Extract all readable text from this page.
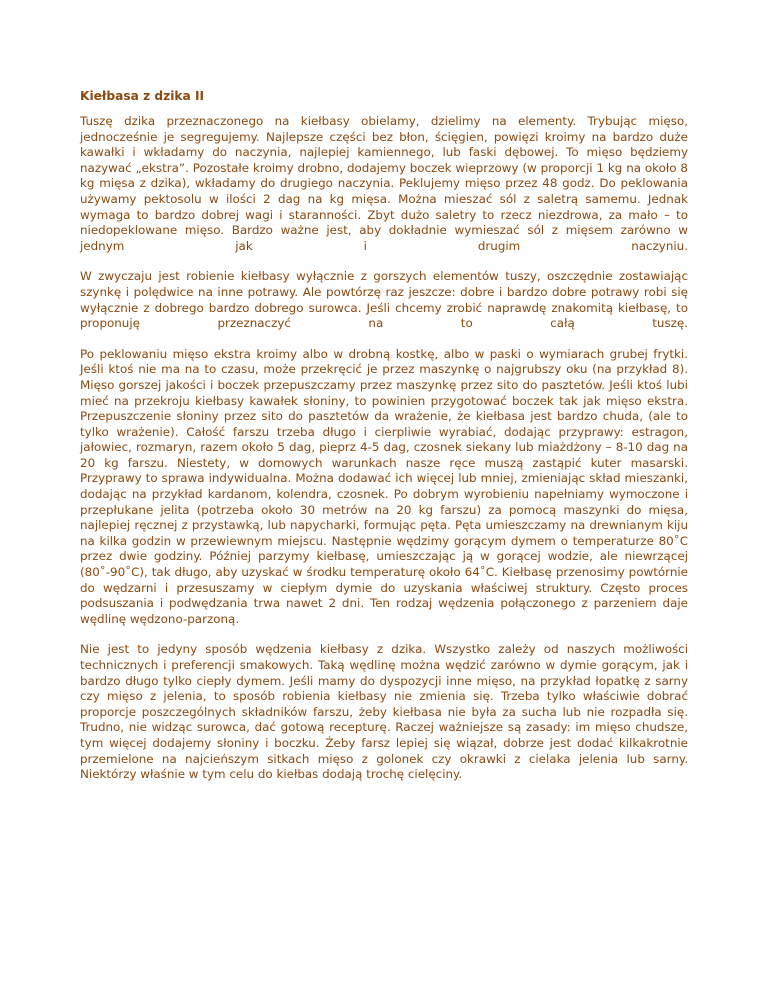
Kiełbasa z dzika II

Tuszę dzika przeznaczonego na kiełbasy obielamy, dzielimy na elementy. Trybując mięso, jednocześnie je segregujemy. Najlepsze części bez błon, ścięgien, powięzi kroimy na bardzo duże kawałki i wkładamy do naczynia, najlepiej kamiennego, lub faski dębowej. To mięso będziemy nazywać „ekstra”. Pozostałe kroimy drobno, dodajemy boczek wieprzowy (w proporcji 1 kg na około 8 kg mięsa z dzika), wkładamy do drugiego naczynia. Peklujemy mięso przez 48 godz. Do peklowania używamy pektosolu w ilości 2 dag na kg mięsa. Można mieszać sól z saletrą samemu. Jednak wymaga to bardzo dobrej wagi i staranności. Zbyt dużo saletry to rzecz niezdrowa, za mało – to niedopeklowane mięso. Bardzo ważne jest, aby dokładnie wymieszać sól z mięsem zarówno w jednym jak i drugim naczyniu.

W zwyczaju jest robienie kiełbasy wyłącznie z gorszych elementów tuszy, oszczędnie zostawiając szynkę i polędwice na inne potrawy. Ale powtórzę raz jeszcze: dobre i bardzo dobre potrawy robi się wyłącznie z dobrego bardzo dobrego surowca. Jeśli chcemy zrobić naprawdę znakomitą kiełbasę, to proponuję przeznaczyć na to całą tuszę.

Po peklowaniu mięso ekstra kroimy albo w drobną kostkę, albo w paski o wymiarach grubej frytki. Jeśli ktoś nie ma na to czasu, może przekręcić je przez maszynkę o najgrubszy oku (na przykład 8). Mięso gorszej jakości i boczek przepuszczamy przez maszynkę przez sito do pasztetów. Jeśli ktoś lubi mieć na przekroju kiełbasy kawałek słoniny, to powinien przygotować boczek tak jak mięso ekstra. Przepuszczenie słoniny przez sito do pasztetów da wrażenie, że kiełbasa jest bardzo chuda, (ale to tylko wrażenie). Całość farszu trzeba długo i cierpliwie wyrabiać, dodając przyprawy: estragon, jałowiec, rozmaryn, razem około 5 dag, pieprz 4-5 dag, czosnek siekany lub miażdżony – 8-10 dag na 20 kg farszu. Niestety, w domowych warunkach nasze ręce muszą zastąpić kuter masarski. Przyprawy to sprawa indywidualna. Można dodawać ich więcej lub mniej, zmieniając skład mieszanki, dodając na przykład kardanom, kolendra, czosnek. Po dobrym wyrobieniu napełniamy wymoczone i przepłukane jelita (potrzeba około 30 metrów na 20 kg farszu) za pomocą maszynki do mięsa, najlepiej ręcznej z przystawką, lub napycharki, formując pęta. Pęta umieszczamy na drewnianym kiju na kilka godzin w przewiewnym miejscu. Następnie wędzimy gorącym dymem o temperaturze 80˚C przez dwie godziny. Później parzymy kiełbasę, umieszczając ją w gorącej wodzie, ale niewrzącej (80˚-90˚C), tak długo, aby uzyskać w środku temperaturę około 64˚C. Kiełbasę przenosimy powtórnie do wędzarni i przesuszamy w ciepłym dymie do uzyskania właściwej struktury. Często proces podsuszania i podwędzania trwa nawet 2 dni. Ten rodzaj wędzenia połączonego z parzeniem daje wędlinę wędzono-parzoną.

Nie jest to jedyny sposób wędzenia kiełbasy z dzika. Wszystko zależy od naszych możliwości technicznych i preferencji smakowych. Taką wędlinę można wędzić zarówno w dymie gorącym, jak i bardzo długo tylko ciepły dymem. Jeśli mamy do dyspozycji inne mięso, na przykład łopatkę z sarny czy mięso z jelenia, to sposób robienia kiełbasy nie zmienia się. Trzeba tylko właściwie dobrać proporcje poszczególnych składników farszu, żeby kiełbasa nie była za sucha lub nie rozpadła się. Trudno, nie widząc surowca, dać gotową recepturę. Raczej ważniejsze są zasady: im mięso chudsze, tym więcej dodajemy słoniny i boczku. Żeby farsz lepiej się wiązał, dobrze jest dodać kilkakrotnie przemielone na najcieńszym sitkach mięso z golonek czy okrawki z cielaka jelenia lub sarny. Niektórzy właśnie w tym celu do kiełbas dodają trochę cielęciny.
